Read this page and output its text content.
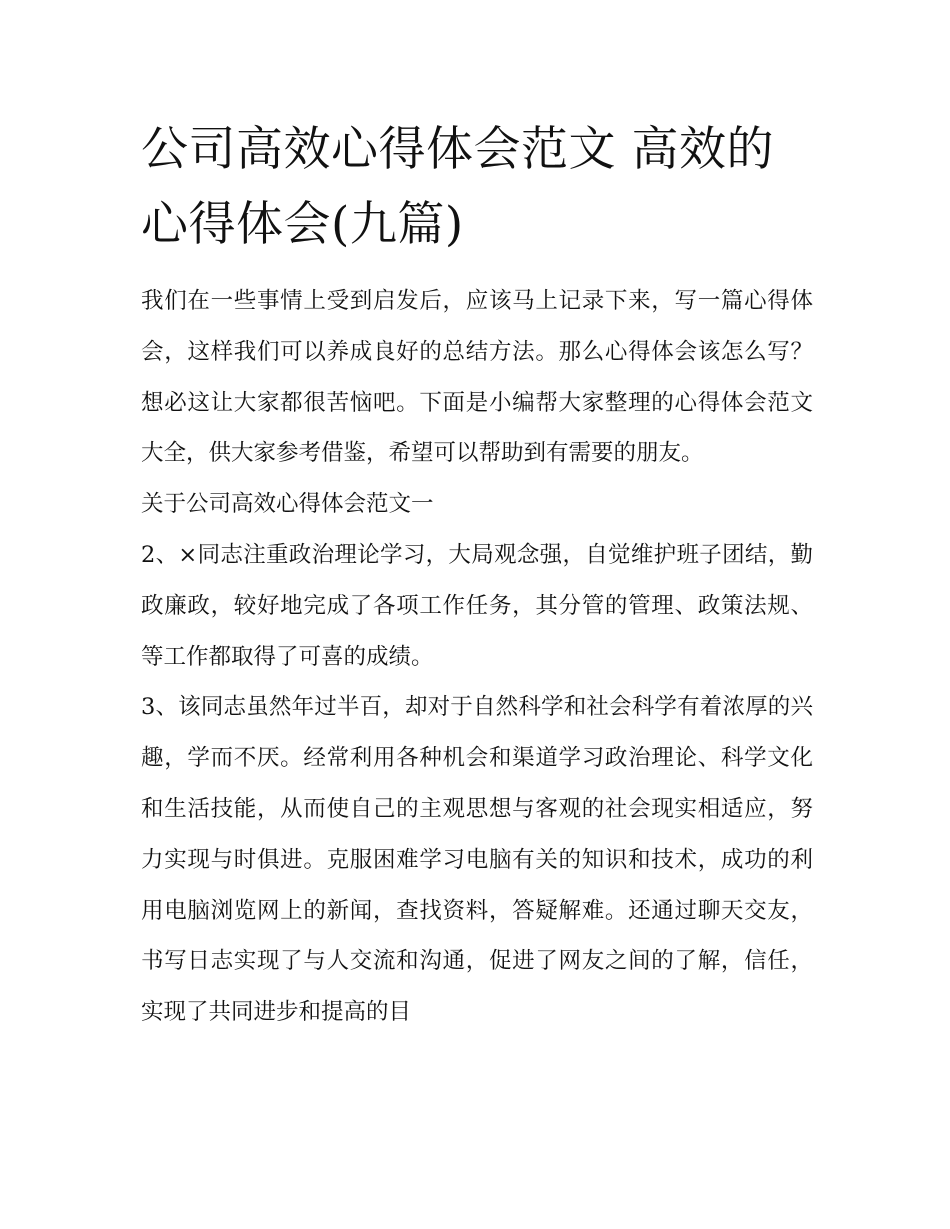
公司高效心得体会范文 高效的心得体会(九篇)

我们在一些事情上受到启发后，应该马上记录下来，写一篇心得体会，这样我们可以养成良好的总结方法。那么心得体会该怎么写？想必这让大家都很苦恼吧。下面是小编帮大家整理的心得体会范文大全，供大家参考借鉴，希望可以帮助到有需要的朋友。

关于公司高效心得体会范文一

2、×同志注重政治理论学习，大局观念强，自觉维护班子团结，勤政廉政，较好地完成了各项工作任务，其分管的管理、政策法规、等工作都取得了可喜的成绩。

3、该同志虽然年过半百，却对于自然科学和社会科学有着浓厚的兴趣，学而不厌。经常利用各种机会和渠道学习政治理论、科学文化和生活技能，从而使自己的主观思想与客观的社会现实相适应，努力实现与时俱进。克服困难学习电脑有关的知识和技术，成功的利用电脑浏览网上的新闻，查找资料，答疑解难。还通过聊天交友，书写日志实现了与人交流和沟通，促进了网友之间的了解，信任，实现了共同进步和提高的目
